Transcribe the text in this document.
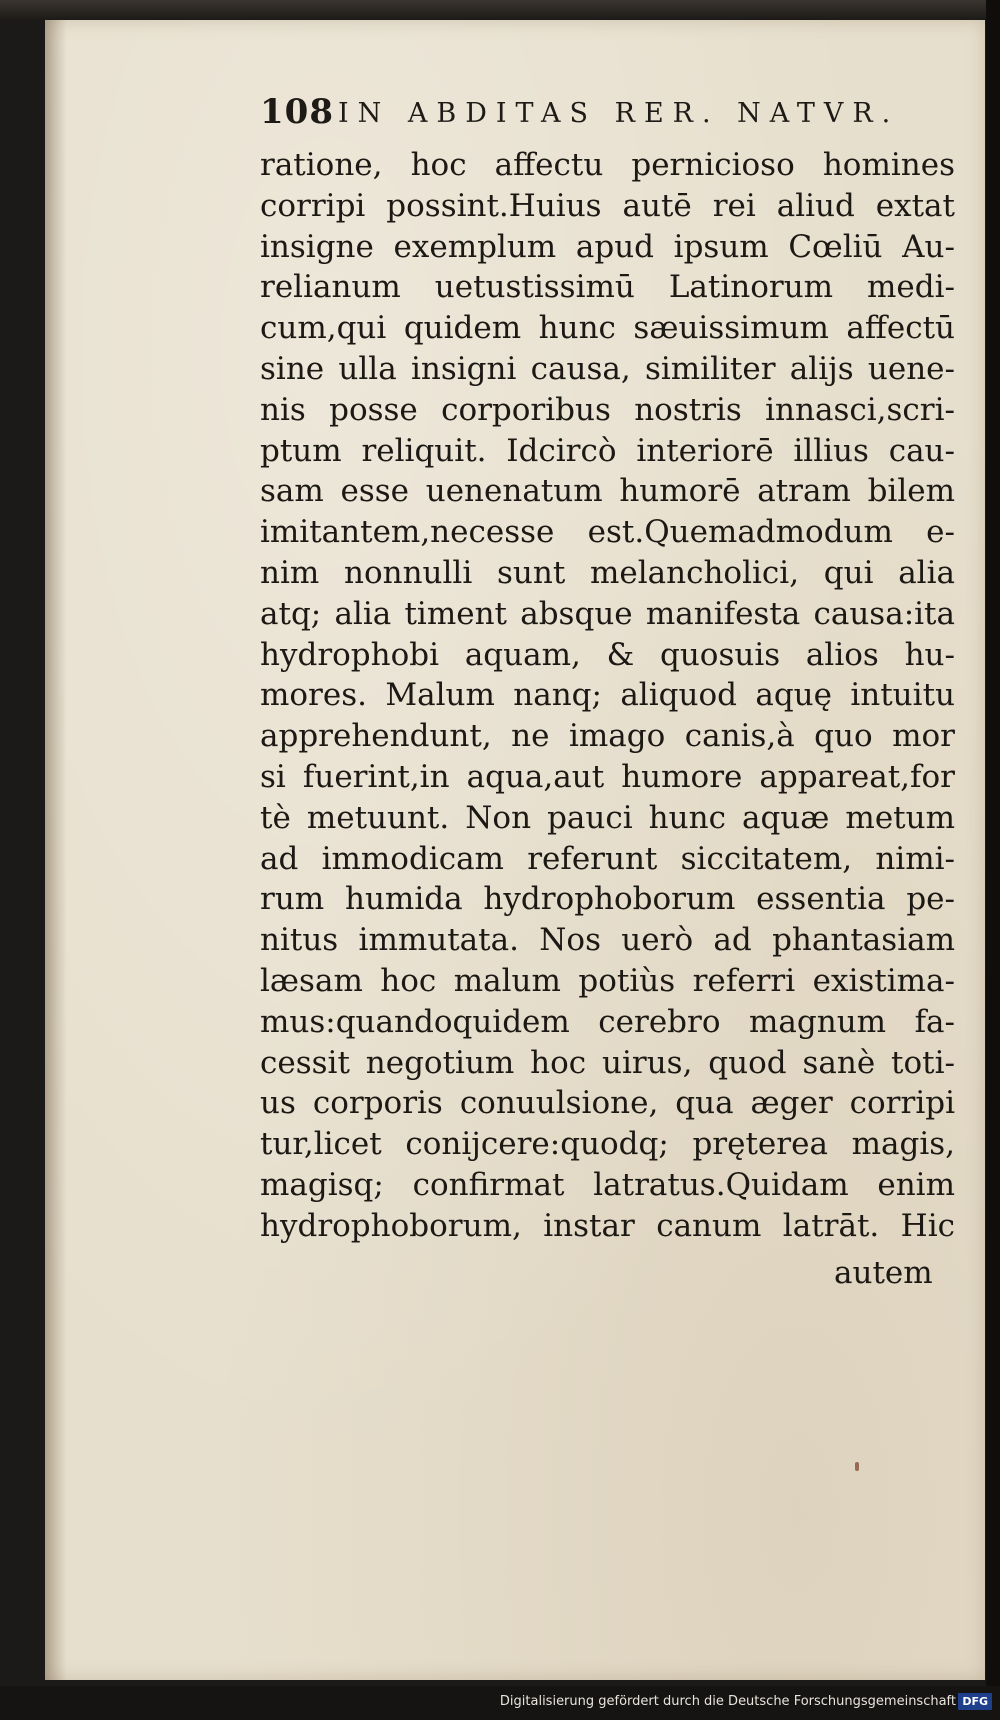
108 IN ABDITAS RER. NATVR.
ratione, hoc affectu pernicioso homines
corripi possint.Huius autē rei aliud extat
insigne exemplum apud ipsum Cœliū Au-
relianum uetustissimū Latinorum medi-
cum,qui quidem hunc sæuissimum affectū
sine ulla insigni causa, similiter alijs uene-
nis posse corporibus nostris innasci,scri-
ptum reliquit. Idcircò interiorē illius cau-
sam esse uenenatum humorē atram bilem
imitantem,necesse est.Quemadmodum e-
nim nonnulli sunt melancholici, qui alia
atq; alia timent absque manifesta causa:ita
hydrophobi aquam, & quosuis alios hu-
mores. Malum nanq; aliquod aquę intuitu
apprehendunt, ne imago canis,à quo mor
si fuerint,in aqua,aut humore appareat,for
tè metuunt. Non pauci hunc aquæ metum
ad immodicam referunt siccitatem, nimi-
rum humida hydrophoborum essentia pe-
nitus immutata. Nos uerò ad phantasiam
læsam hoc malum potiùs referri existima-
mus:quandoquidem cerebro magnum fa-
cessit negotium hoc uirus, quod sanè toti-
us corporis conuulsione, qua æger corripi
tur,licet conijcere:quodq; pręterea magis,
magisq; confirmat latratus.Quidam enim
hydrophoborum, instar canum latrāt. Hic
autem
Digitalisierung gefördert durch die Deutsche Forschungsgemeinschaft DFG
